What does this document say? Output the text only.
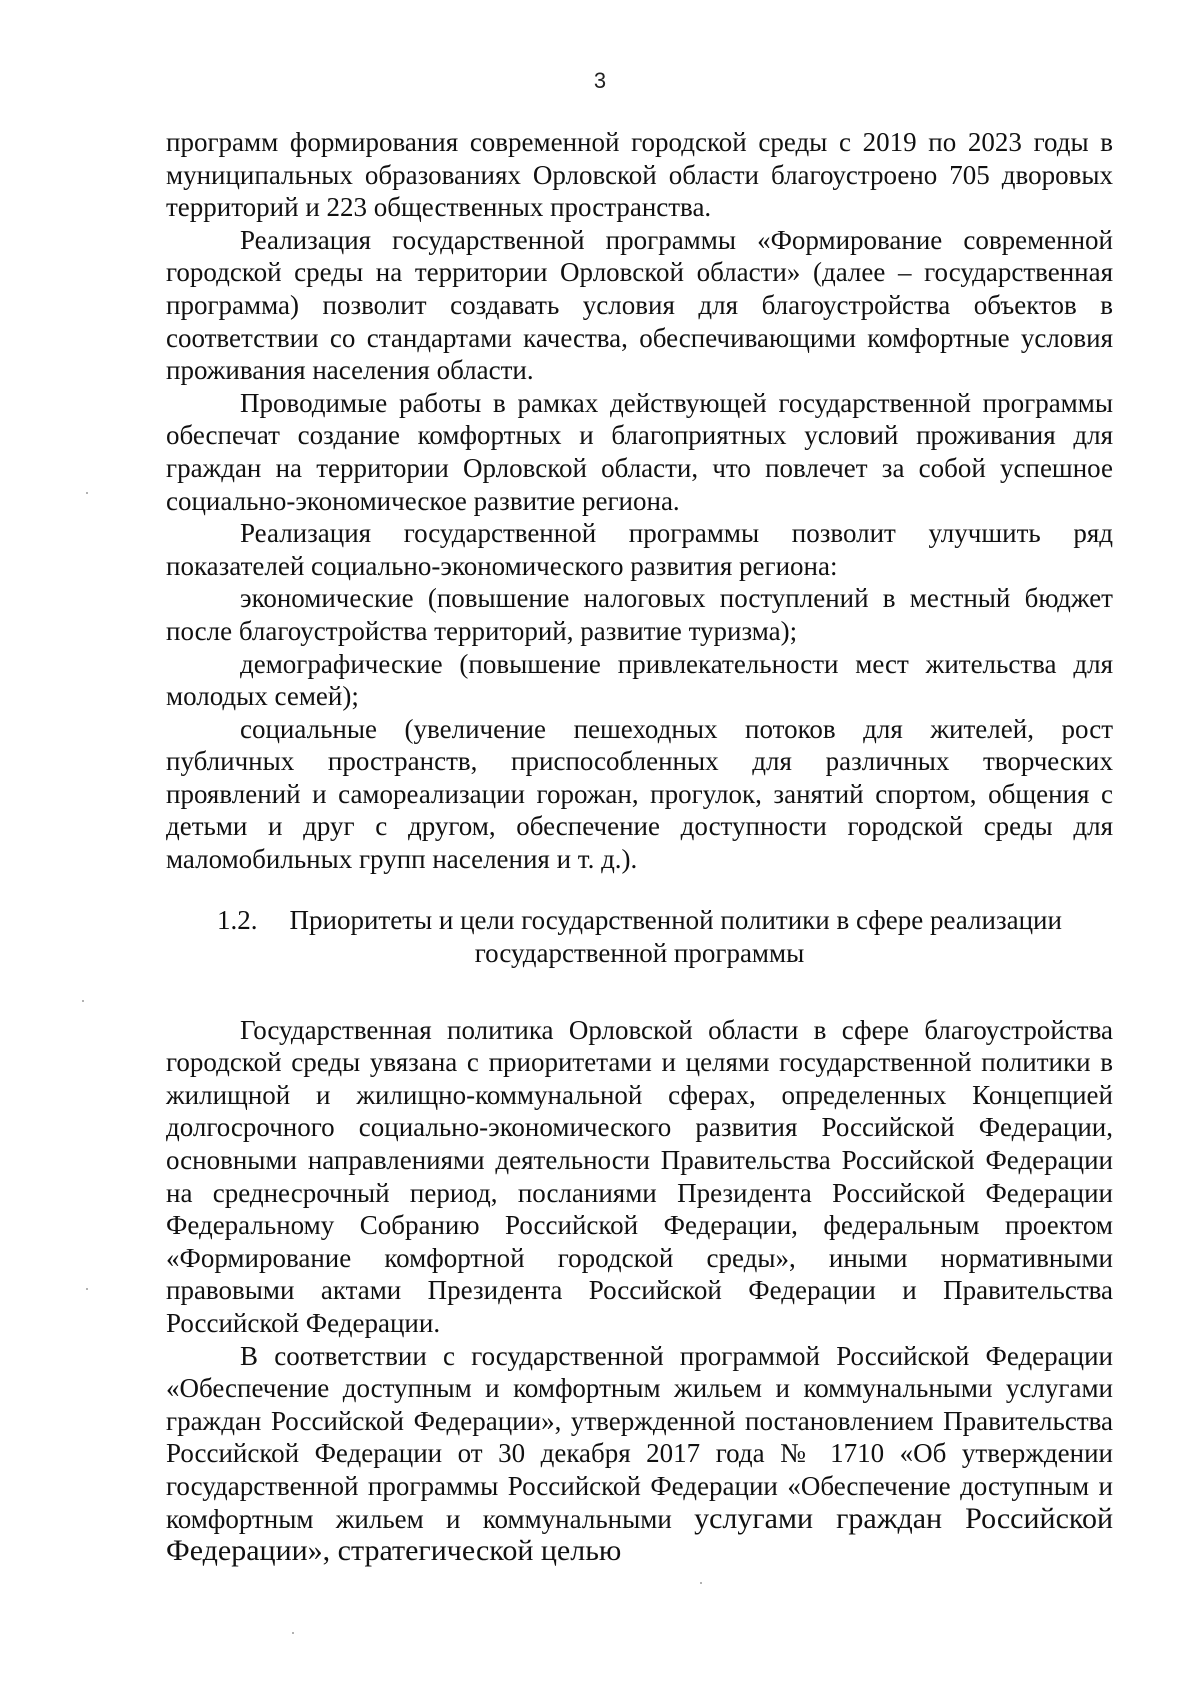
3

программ формирования современной городской среды с 2019 по 2023 годы в муниципальных образованиях Орловской области благоустроено 705 дворовых территорий и 223 общественных пространства.

Реализация государственной программы «Формирование современной городской среды на территории Орловской области» (далее – государственная программа) позволит создавать условия для благоустройства объектов в соответствии со стандартами качества, обеспечивающими комфортные условия проживания населения области.

Проводимые работы в рамках действующей государственной программы обеспечат создание комфортных и благоприятных условий проживания для граждан на территории Орловской области, что повлечет за собой успешное социально-экономическое развитие региона.

Реализация государственной программы позволит улучшить ряд показателей социально-экономического развития региона:

экономические (повышение налоговых поступлений в местный бюджет после благоустройства территорий, развитие туризма);

демографические (повышение привлекательности мест жительства для молодых семей);

социальные (увеличение пешеходных потоков для жителей, рост публичных пространств, приспособленных для различных творческих проявлений и самореализации горожан, прогулок, занятий спортом, общения с детьми и друг с другом, обеспечение доступности городской среды для маломобильных групп населения и т. д.).

1.2. Приоритеты и цели государственной политики в сфере реализации
государственной программы

Государственная политика Орловской области в сфере благоустройства городской среды увязана с приоритетами и целями государственной политики в жилищной и жилищно-коммунальной сферах, определенных Концепцией долгосрочного социально-экономического развития Российской Федерации, основными направлениями деятельности Правительства Российской Федерации на среднесрочный период, посланиями Президента Российской Федерации Федеральному Собранию Российской Федерации, федеральным проектом «Формирование комфортной городской среды», иными нормативными правовыми актами Президента Российской Федерации и Правительства Российской Федерации.

В соответствии с государственной программой Российской Федерации «Обеспечение доступным и комфортным жильем и коммунальными услугами граждан Российской Федерации», утвержденной постановлением Правительства Российской Федерации от 30 декабря 2017 года № 1710 «Об утверждении государственной программы Российской Федерации «Обеспечение доступным и комфортным жильем и коммунальными услугами граждан Российской Федерации», стратегической целью
